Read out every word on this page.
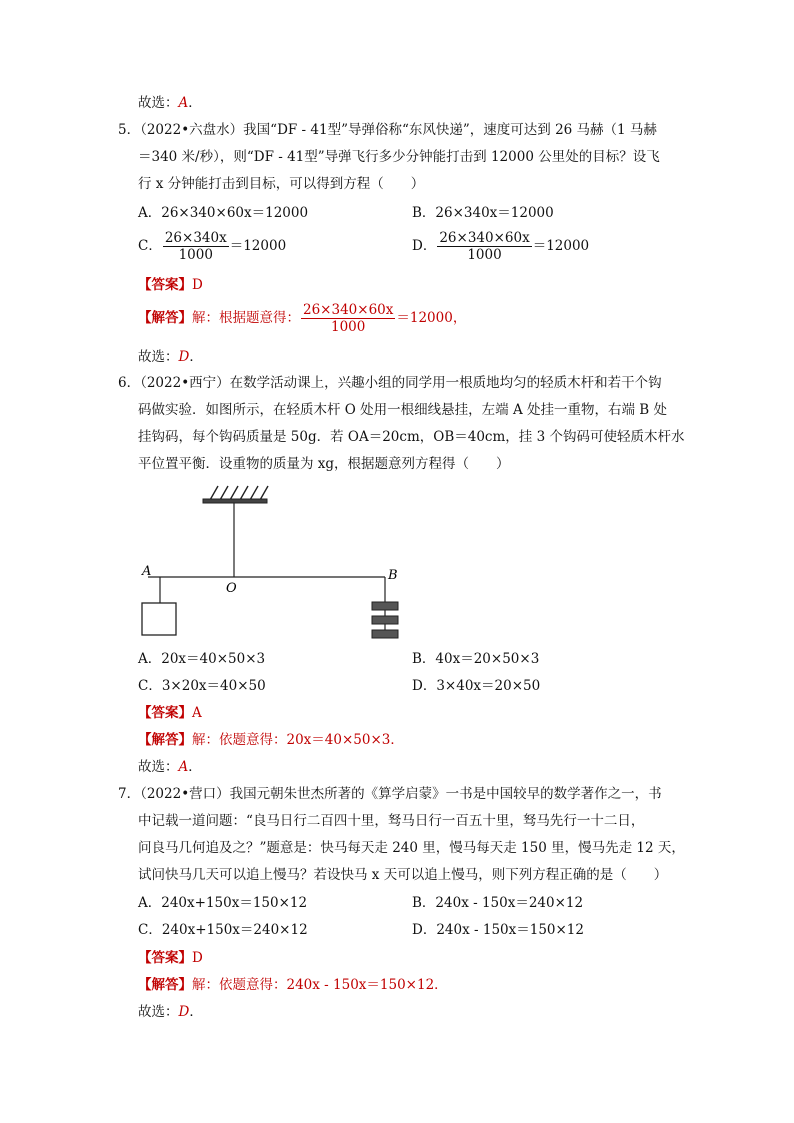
故选：A．
5．（2022•六盘水）我国“DF - 41型”导弹俗称“东风快递”，速度可达到 26 马赫（1 马赫
＝340 米/秒），则“DF - 41型”导弹飞行多少分钟能打击到 12000 公里处的目标？设飞
行 x 分钟能打击到目标，可以得到方程（　　）
A．26×340×60x＝12000	B．26×340x＝12000
C． $\frac{26\times 340x}{1000} =12000$	D． $\frac{26\times 340\times 60x}{1000} =12000$
【答案】D
【解答】解：根据题意得： $\frac{26\times 340\times 60x}{1000} =12000$，
故选：D．
6．（2022•西宁）在数学活动课上，兴趣小组的同学用一根质地均匀的轻质木杆和若干个钩
码做实验．如图所示，在轻质木杆 O 处用一根细线悬挂，左端 A 处挂一重物，右端 B 处
挂钩码，每个钩码质量是 50g．若 OA＝20cm，OB＝40cm，挂 3 个钩码可使轻质木杆水
平位置平衡．设重物的质量为 xg，根据题意列方程得（　　）
A
O
B
A．20x＝40×50×3	B．40x＝20×50×3
C．3×20x＝40×50	D．3×40x＝20×50
【答案】A
【解答】解：依题意得：20x＝40×50×3．
故选：A．
7．（2022•营口）我国元朝朱世杰所著的《算学启蒙》一书是中国较早的数学著作之一，书
中记载一道问题：“良马日行二百四十里，驽马日行一百五十里，驽马先行一十二日，
问良马几何追及之？”题意是：快马每天走 240 里，慢马每天走 150 里，慢马先走 12 天，
试问快马几天可以追上慢马？若设快马 x 天可以追上慢马，则下列方程正确的是（　　）
A．240x+150x＝150×12	B．240x - 150x＝240×12
C．240x+150x＝240×12	D．240x - 150x＝150×12
【答案】D
【解答】解：依题意得：240x - 150x＝150×12．
故选：D．
